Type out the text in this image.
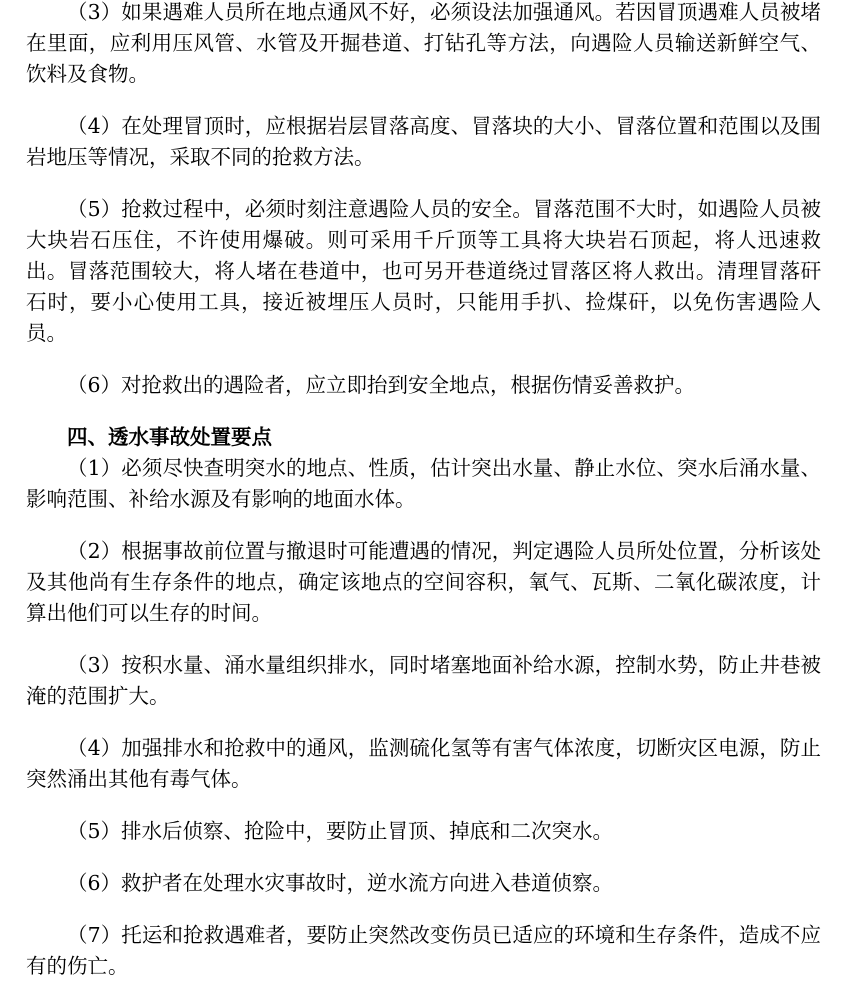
（3）如果遇难人员所在地点通风不好，必须设法加强通风。若因冒顶遇难人员被堵在里面，应利用压风管、水管及开掘巷道、打钻孔等方法，向遇险人员输送新鲜空气、饮料及食物。

（4）在处理冒顶时，应根据岩层冒落高度、冒落块的大小、冒落位置和范围以及围岩地压等情况，采取不同的抢救方法。

（5）抢救过程中，必须时刻注意遇险人员的安全。冒落范围不大时，如遇险人员被大块岩石压住，不许使用爆破。则可采用千斤顶等工具将大块岩石顶起，将人迅速救出。冒落范围较大，将人堵在巷道中，也可另开巷道绕过冒落区将人救出。清理冒落矸石时，要小心使用工具，接近被埋压人员时，只能用手扒、捡煤矸，以免伤害遇险人员。

（6）对抢救出的遇险者，应立即抬到安全地点，根据伤情妥善救护。

四、透水事故处置要点

（1）必须尽快查明突水的地点、性质，估计突出水量、静止水位、突水后涌水量、影响范围、补给水源及有影响的地面水体。

（2）根据事故前位置与撤退时可能遭遇的情况，判定遇险人员所处位置，分析该处及其他尚有生存条件的地点，确定该地点的空间容积，氧气、瓦斯、二氧化碳浓度，计算出他们可以生存的时间。

（3）按积水量、涌水量组织排水，同时堵塞地面补给水源，控制水势，防止井巷被淹的范围扩大。

（4）加强排水和抢救中的通风，监测硫化氢等有害气体浓度，切断灾区电源，防止突然涌出其他有毒气体。

（5）排水后侦察、抢险中，要防止冒顶、掉底和二次突水。

（6）救护者在处理水灾事故时，逆水流方向进入巷道侦察。

（7）托运和抢救遇难者，要防止突然改变伤员已适应的环境和生存条件，造成不应有的伤亡。
